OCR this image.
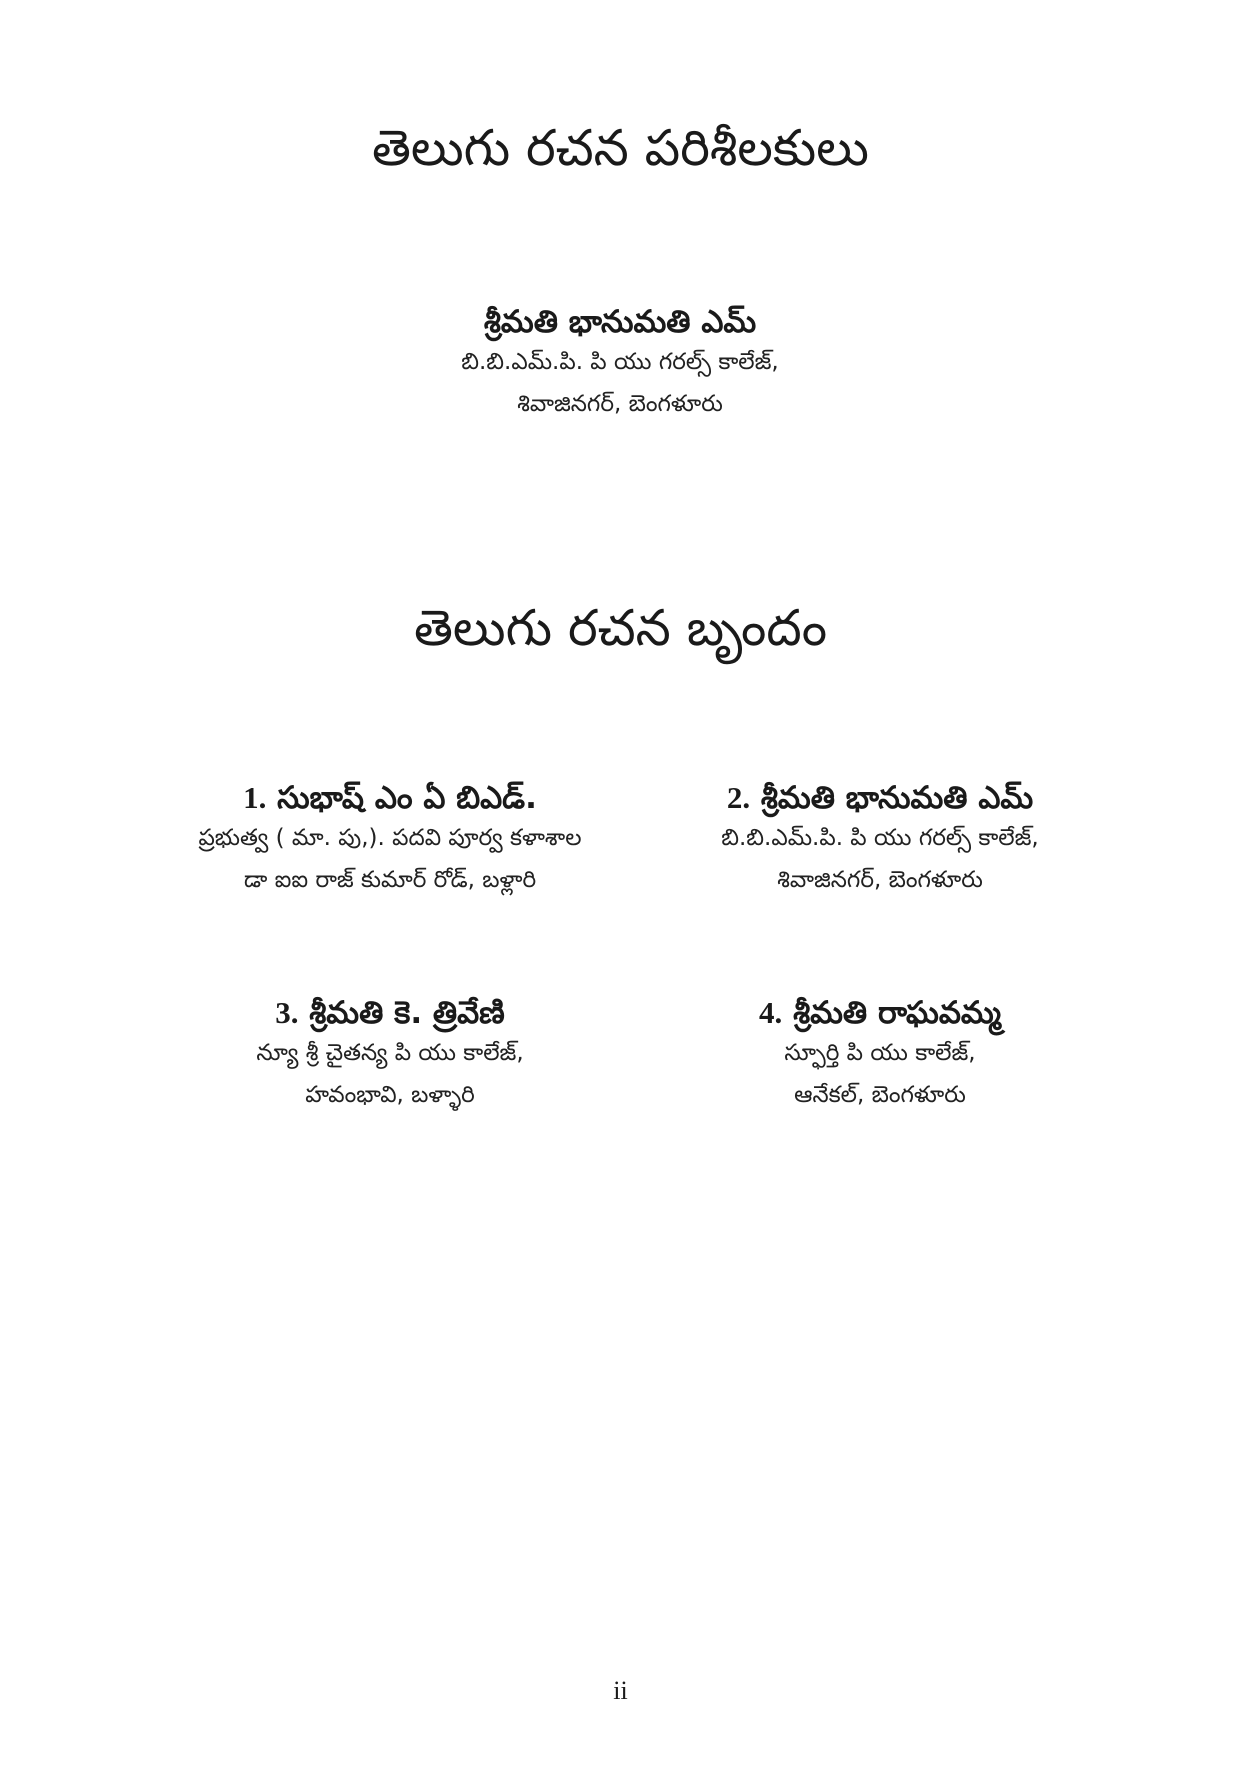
తెలుగు రచన పరిశీలకులు
శ్రీమతి భానుమతి ఎమ్
బి.బి.ఎమ్.పి. పి యు గరల్స్ కాలేజ్,
శివాజినగర్, బెంగళూరు
తెలుగు రచన బృందం
1. సుభాష్ ఎం ఏ బిఎడ్.
ప్రభుత్వ ( మా. పు,). పదవి పూర్వ కళాశాల
డా ఐఐ రాజ్ కుమార్ రోడ్, బళ్లారి
2. శ్రీమతి భానుమతి ఎమ్
బి.బి.ఎమ్.పి. పి యు గరల్స్ కాలేజ్,
శివాజినగర్, బెంగళూరు
3. శ్రీమతి కె. త్రివేణి
న్యూ శ్రీ చైతన్య పి యు కాలేజ్,
హవంభావి, బళ్ళారి
4. శ్రీమతి రాఘవమ్మ
స్ఫూర్తి పి యు కాలేజ్,
ఆనేకల్, బెంగళూరు
ii
